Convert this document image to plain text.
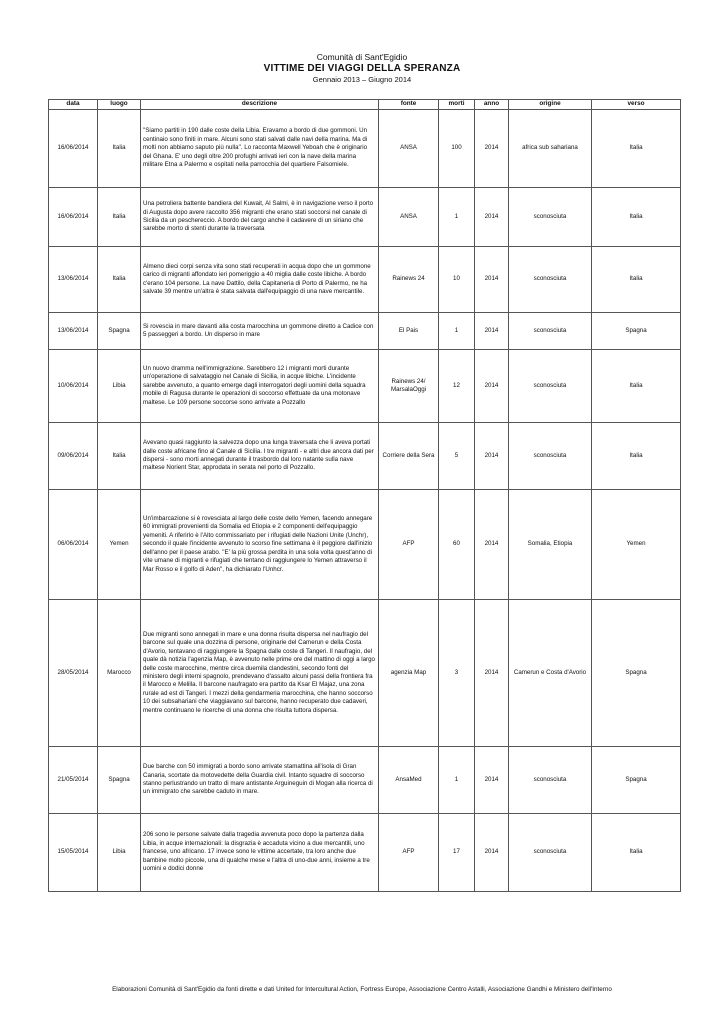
Comunità di Sant'Egidio
VITTIME DEI VIAGGI DELLA SPERANZA
Gennaio 2013 – Giugno 2014
data	luogo	descrizione	fonte	morti	anno	origine	verso
16/06/2014	Italia	"Siamo partiti in 190 dalle coste della Libia. Eravamo a bordo di due gommoni. Un centinaio sono finiti in mare. Alcuni sono stati salvati dalle navi della marina. Ma di molti non abbiamo saputo più nulla". Lo racconta Maxwell Yeboah che è originario del Ghana. E' uno degli oltre 200 profughi arrivati ieri con la nave della marina militare Etna a Palermo e ospitati nella parrocchia del quartiere Falsomiele.	ANSA	100	2014	africa sub sahariana	Italia
16/06/2014	Italia	Una petroliera battente bandiera del Kuwait, Al Salmi, è in navigazione verso il porto di Augusta dopo avere raccolto 356 migranti che erano stati soccorsi nel canale di Sicilia da un peschereccio. A bordo del cargo anche il cadavere di un siriano che sarebbe morto di stenti durante la traversata	ANSA	1	2014	sconosciuta	Italia
13/06/2014	Italia	Almeno dieci corpi senza vita sono stati recuperati in acqua dopo che un gommone carico di migranti affondato ieri pomeriggio a 40 miglia dalle coste libiche. A bordo c'erano 104 persone. La nave Dattilo, della Capitaneria di Porto di Palermo, ne ha salvate 39 mentre un'altra è stata salvata dall'equipaggio di una nave mercantile.	Rainews 24	10	2014	sconosciuta	Italia
13/06/2014	Spagna	Si rovescia in mare davanti alla costa marocchina un gommone diretto a Cadice con 5 passeggeri a bordo. Un disperso in mare	El Pais	1	2014	sconosciuta	Spagna
10/06/2014	Libia	Un nuovo dramma nell'immigrazione. Sarebbero 12 i migranti morti durante un'operazione di salvataggio nel Canale di Sicilia, in acque libiche. L'incidente sarebbe avvenuto, a quanto emerge dagli interrogatori degli uomini della squadra mobile di Ragusa durante le operazioni di soccorso effettuate da una motonave maltese. Le 109 persone soccorse sono arrivate a Pozzallo	Rainews 24/ MarsalaOggi	12	2014	sconosciuta	Italia
09/06/2014	Italia	Avevano quasi raggiunto la salvezza dopo una lunga traversata che li aveva portati dalle coste africane fino al Canale di Sicilia. I tre migranti - e altri due ancora dati per dispersi - sono morti annegati durante il trasbordo dal loro natante sulla nave maltese Norient Star, approdata in serata nel porto di Pozzallo.	Corriere della Sera	5	2014	sconosciuta	Italia
06/06/2014	Yemen	Un'imbarcazione si è rovesciata al largo delle coste dello Yemen, facendo annegare 60 immigrati provenienti da Somalia ed Etiopia e 2 componenti dell'equipaggio yemeniti. A riferirlo è l'Alto commissariato per i rifugiati delle Nazioni Unite (Unchr), secondo il quale l'incidente avvenuto lo scorso fine settimana è il peggiore dall'inizio dell'anno per il paese arabo. "E' la più grossa perdita in una sola volta quest'anno di vite umane di migranti e rifugiati che tentano di raggiungere lo Yemen attraverso il Mar Rosso e il golfo di Aden", ha dichiarato l'Unhcr.	AFP	60	2014	Somalia, Etiopia	Yemen
28/05/2014	Marocco	Due migranti sono annegati in mare e una donna risulta dispersa nel naufragio del barcone sul quale una dozzina di persone, originarie del Camerun e della Costa d'Avorio, tentavano di raggiungere la Spagna dalle coste di Tangeri. Il naufragio, del quale dà notizia l'agenzia Map, è avvenuto nelle prime ore del mattino di oggi a largo delle coste marocchine, mentre circa duemila clandestini, secondo fonti del ministero degli interni spagnolo, prendevano d'assalto alcuni passi della frontiera fra il Marocco e Melilla. Il barcone naufragato era partito da Ksar El Majaz, una zona rurale ad est di Tangeri. I mezzi della gendarmeria marocchina, che hanno soccorso 10 dei subsahariani che viaggiavano sul barcone, hanno recuperato due cadaveri, mentre continuano le ricerche di una donna che risulta tuttora dispersa.	agenzia Map	3	2014	Camerun e Costa d'Avorio	Spagna
21/05/2014	Spagna	Due barche con 50 immigrati a bordo sono arrivate stamattina all'isola di Gran Canaria, scortate da motovedette della Guardia civil. Intanto squadre di soccorso stanno perlustrando un tratto di mare antistante Arguineguin di Mogan alla ricerca di un immigrato che sarebbe caduto in mare.	AnsaMed	1	2014	sconosciuta	Spagna
15/05/2014	Libia	206 sono le persone salvate dalla tragedia avvenuta poco dopo la partenza dalla Libia, in acque internazionali: la disgrazia è accaduta vicino a due mercantili, uno francese, uno africano. 17 invece sono le vittime accertate, tra loro anche due bambine molto piccole, una di qualche mese e l'altra di uno-due anni, insieme a tre uomini e dodici donne	AFP	17	2014	sconosciuta	Italia
Elaborazioni Comunità di Sant'Egidio da fonti dirette e dati United for Intercultural Action, Fortress Europe, Associazione Centro Astalli, Associazione Gandhi e Ministero dell'Interno
